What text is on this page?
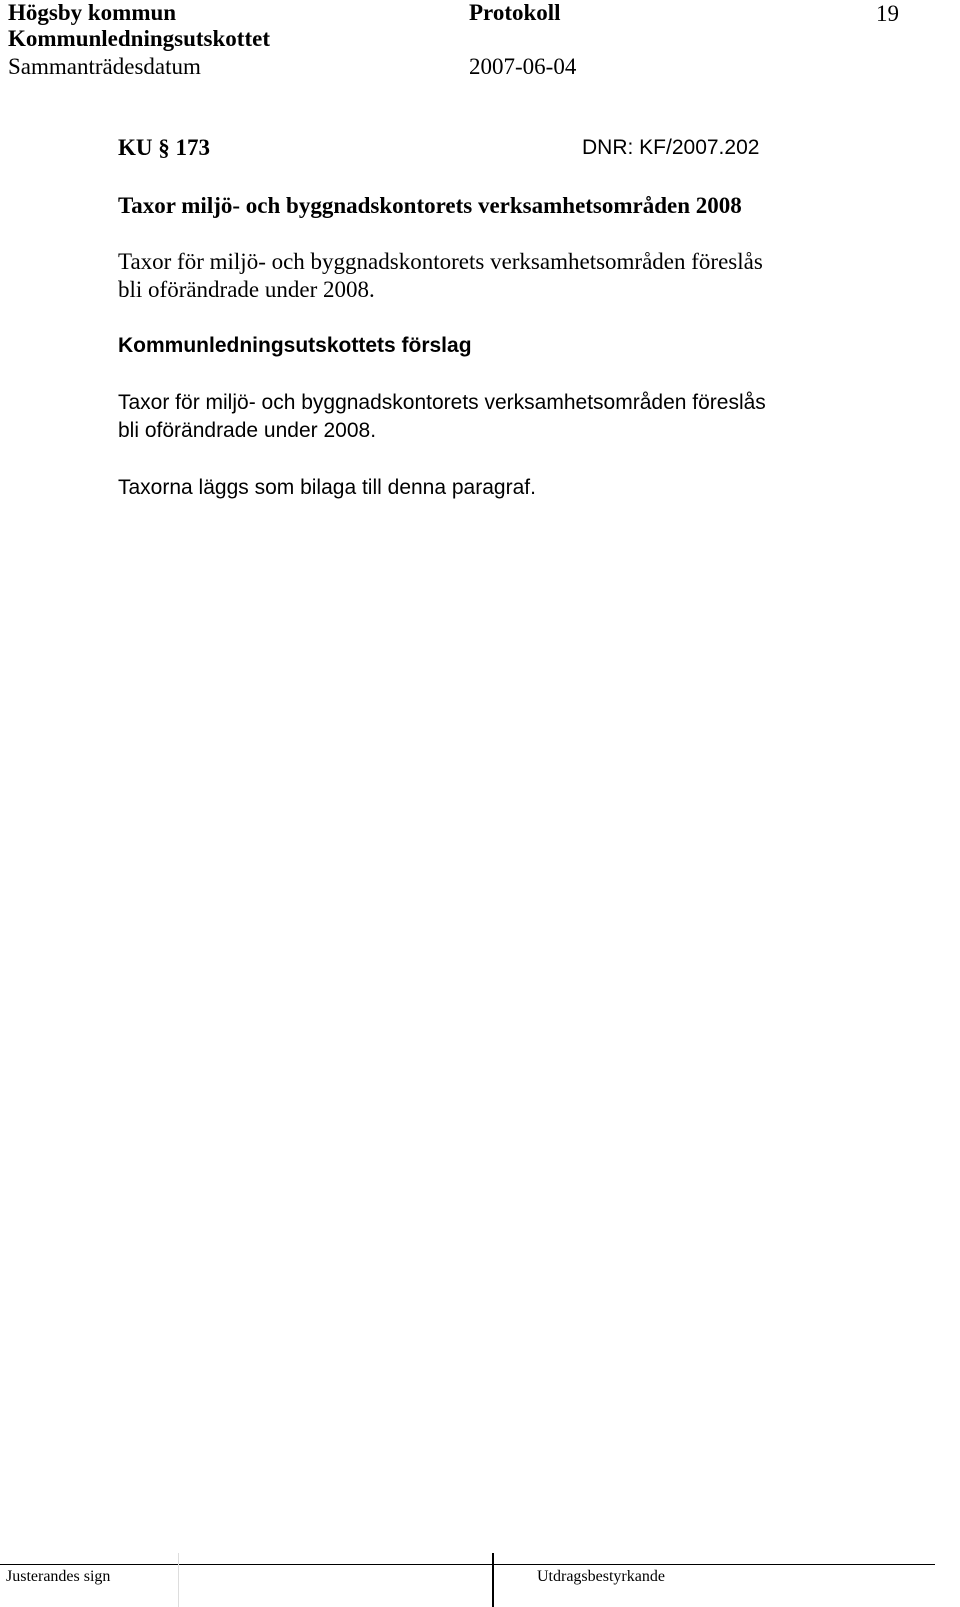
Högsby kommun	Protokoll	19
Kommunledningsutskottet
Sammanträdesdatum	2007-06-04
KU § 173	DNR: KF/2007.202
Taxor miljö- och byggnadskontorets verksamhetsområden 2008
Taxor för miljö- och byggnadskontorets verksamhetsområden föreslås
bli oförändrade under 2008.
Kommunledningsutskottets förslag
Taxor för miljö- och byggnadskontorets verksamhetsområden föreslås
bli oförändrade under 2008.
Taxorna läggs som bilaga till denna paragraf.
Justerandes sign	Utdragsbestyrkande
